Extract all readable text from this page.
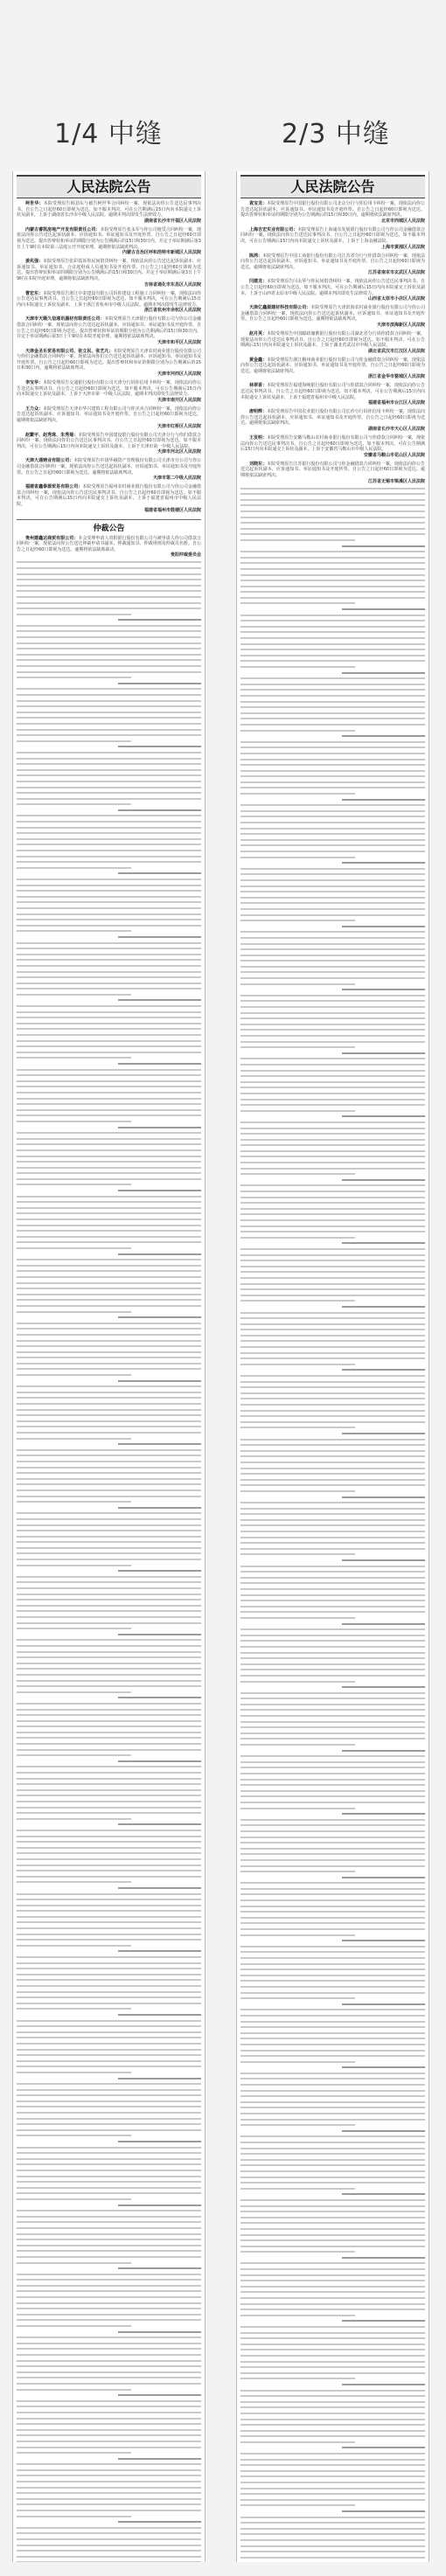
1/4 中缝	2/3 中缝
人民法院公告
柯世华：本院受理原告韩劲东与被告柯世华合同纠纷一案，现依法向你公告送达民事判决书。自公告之日起经60日即视为送达。如不服本判决，可在公告期满后15日内向本院递交上诉状及副本，上诉于湖南省长沙市中级人民法院。逾期本判决即发生法律效力。
湖南省长沙市开福区人民法院
内蒙古睿凯房地产开发有限责任公司：本院受理原告张永军与你公司租赁合同纠纷一案，现依法向你公告送达起诉状副本、应诉通知书、举证通知书及开庭传票。自公告之日起经60日即视为送达。提出答辩状和举证的期限分别为公告期满后的15日和30日内，并定于举证期满后第3日上午9时在本院第三法庭公开开庭审理，逾期将依法缺席判决。
内蒙古自治区呼和浩特市新城区人民法院
姜兆强：本院受理原告张彩霞诉你民间借贷纠纷一案，现依法向你公告送达起诉状副本、应诉通知书、举证通知书、合议庭组成人员通知书及开庭传票。自公告之日起经60日即视为送达。提出答辩状和举证的期限分别为公告期满后的15日和30日内。并定于举证期满后第3日上午9时在本院开庭审理，逾期将依法缺席判决。
吉林省通化市东昌区人民法院
曹宏东：本院受理原告浙江中泰建设有限公司诉你建设工程施工合同纠纷一案，现依法向你公告送达民事判决书。自公告之日起经60日即视为送达。如不服本判决，可在公告期满后15日内向本院递交上诉状及副本，上诉于浙江省杭州市中级人民法院。逾期本判决即发生法律效力。
浙江省杭州市余杭区人民法院
天津市天顺久信通讯器材有限责任公司：本院受理原告天津银行股份有限公司与你公司金融借款合同纠纷一案，现依法向你公告送达起诉状副本、应诉通知书、举证通知书及开庭传票。自公告之日起经60日即视为送达。提出答辩状和举证的期限分别为公告期满后的15日和30日内，并定于举证期满后第3日上午9时在本院开庭审理，逾期将依法缺席判决。
天津市和平区人民法院
天津金圣乐贸易有限公司、张立民、张艺凡：本院受理原告天津农村商业银行股份有限公司与你们金融借款合同纠纷一案，现依法向你们公告送达起诉状副本、应诉通知书、举证通知书及开庭传票。自公告之日起经60日即视为送达。提出答辩状和举证的期限分别为公告期满后的15日和30日内，逾期将依法缺席判决。
天津市河西区人民法院
李宝华：本院受理原告交通银行股份有限公司天津分行诉你信用卡纠纷一案，现依法向你公告送达民事判决书。自公告之日起经60日即视为送达。如不服本判决，可在公告期满后15日内向本院递交上诉状及副本，上诉于天津市第一中级人民法院。逾期本判决即发生法律效力。
天津市南开区人民法院
王力众：本院受理原告天津市华兴建筑工程有限公司与你买卖合同纠纷一案，现依法向你公告送达起诉状副本、应诉通知书、举证通知书及开庭传票。自公告之日起经60日即视为送达。逾期将依法缺席判决。
天津市红桥区人民法院
赵繁宇、赵秀珠、朱秀菊：本院受理原告中国建设银行股份有限公司天津分行与你们借款合同纠纷一案，现依法向你们公告送达民事判决书。自公告之日起经60日即视为送达。如不服本判决，可在公告期满后15日内向本院递交上诉状及副本，上诉于天津市第一中级人民法院。
天津市河北区人民法院
天津大通铸业有限公司：本院受理原告中国华融资产管理股份有限公司天津市分公司与你公司金融借款合同纠纷一案，现依法向你公告送达起诉状副本、应诉通知书、举证通知书及开庭传票。自公告之日起经60日即视为送达。逾期将依法缺席判决。
天津市第二中级人民法院
福建省鑫泰源贸易有限公司：本院受理原告福州农村商业银行股份有限公司与你公司金融借款合同纠纷一案，现依法向你公告送达民事判决书。自公告之日起经60日即视为送达。如不服本判决，可在公告期满后15日内向本院递交上诉状及副本，上诉于福建省福州市中级人民法院。
福建省福州市鼓楼区人民法院
仲裁公告
贵州建鑫达商贸有限公司：本会受理申请人贵阳银行股份有限公司与被申请人你公司借款合同纠纷一案，现依法向你公告送达仲裁申请书副本、仲裁通知书、仲裁规则及仲裁员名册。自公告之日起经60日即视为送达。逾期将依法缺席裁决。
贵阳仲裁委员会
人民法院公告
袁宝龙：本院受理原告中国银行股份有限公司北京分行与你信用卡纠纷一案，现依法向你公告送达起诉状副本、应诉通知书、举证通知书及开庭传票。自公告之日起经60日即视为送达。提出答辩状和举证的期限分别为公告期满后的15日和30日内，逾期将依法缺席判决。
北京市西城区人民法院
上海吉宏实业有限公司：本院受理原告上海浦东发展银行股份有限公司与你公司金融借款合同纠纷一案，现依法向你公告送达民事判决书。自公告之日起经60日即视为送达。如不服本判决，可在公告期满后15日内向本院递交上诉状及副本，上诉于上海金融法院。
上海市黄浦区人民法院
陈鸿：本院受理原告中国工商银行股份有限公司江苏省分行与你借款合同纠纷一案，现依法向你公告送达起诉状副本、应诉通知书、举证通知书及开庭传票。自公告之日起经60日即视为送达。逾期将依法缺席判决。
江苏省南京市玄武区人民法院
闫建龙：本院受理原告闫永华与你民间借贷纠纷一案，现依法向你公告送达民事判决书。自公告之日起经60日即视为送达。如不服本判决，可在公告期满后15日内向本院递交上诉状及副本，上诉于山西省太原市中级人民法院。逾期本判决即发生法律效力。
山西省太原市小店区人民法院
天津亿鑫源建材科技有限公司：本院受理原告天津滨海农村商业银行股份有限公司与你公司金融借款合同纠纷一案，现依法向你公告送达起诉状副本、应诉通知书、举证通知书及开庭传票。自公告之日起经60日即视为送达。逾期将依法缺席判决。
天津市滨海新区人民法院
赵月英：本院受理原告中国邮政储蓄银行股份有限公司湖北省分行诉你借款合同纠纷一案，现依法向你公告送达民事判决书。自公告之日起经60日即视为送达。如不服本判决，可在公告期满后15日内向本院递交上诉状及副本，上诉于湖北省武汉市中级人民法院。
湖北省武汉市江汉区人民法院
黄金鑫：本院受理原告浙江稠州商业银行股份有限公司与你金融借款合同纠纷一案，现依法向你公告送达起诉状副本、应诉通知书、举证通知书及开庭传票。自公告之日起经60日即视为送达。逾期将依法缺席判决。
浙江省金华市婺城区人民法院
林翠香：本院受理原告福建海峡银行股份有限公司与你借款合同纠纷一案，现依法向你公告送达民事判决书。自公告之日起经60日即视为送达。如不服本判决，可在公告期满后15日内向本院递交上诉状及副本，上诉于福建省福州市中级人民法院。
福建省福州市台江区人民法院
唐明辉：本院受理原告中国农业银行股份有限公司长沙分行诉你信用卡纠纷一案，现依法向你公告送达起诉状副本、应诉通知书、举证通知书及开庭传票。自公告之日起经60日即视为送达。逾期将依法缺席判决。
湖南省长沙市天心区人民法院
王发明：本院受理原告安徽马鞍山农村商业银行股份有限公司与你借款合同纠纷一案，现依法向你公告送达民事判决书。自公告之日起经60日即视为送达。如不服本判决，可在公告期满后15日内向本院递交上诉状及副本，上诉于安徽省马鞍山市中级人民法院。
安徽省马鞍山市花山区人民法院
刘晓东：本院受理原告江苏银行股份有限公司与你金融借款合同纠纷一案，现依法向你公告送达起诉状副本、应诉通知书、举证通知书及开庭传票。自公告之日起经60日即视为送达。逾期将依法缺席判决。
江苏省无锡市梁溪区人民法院
